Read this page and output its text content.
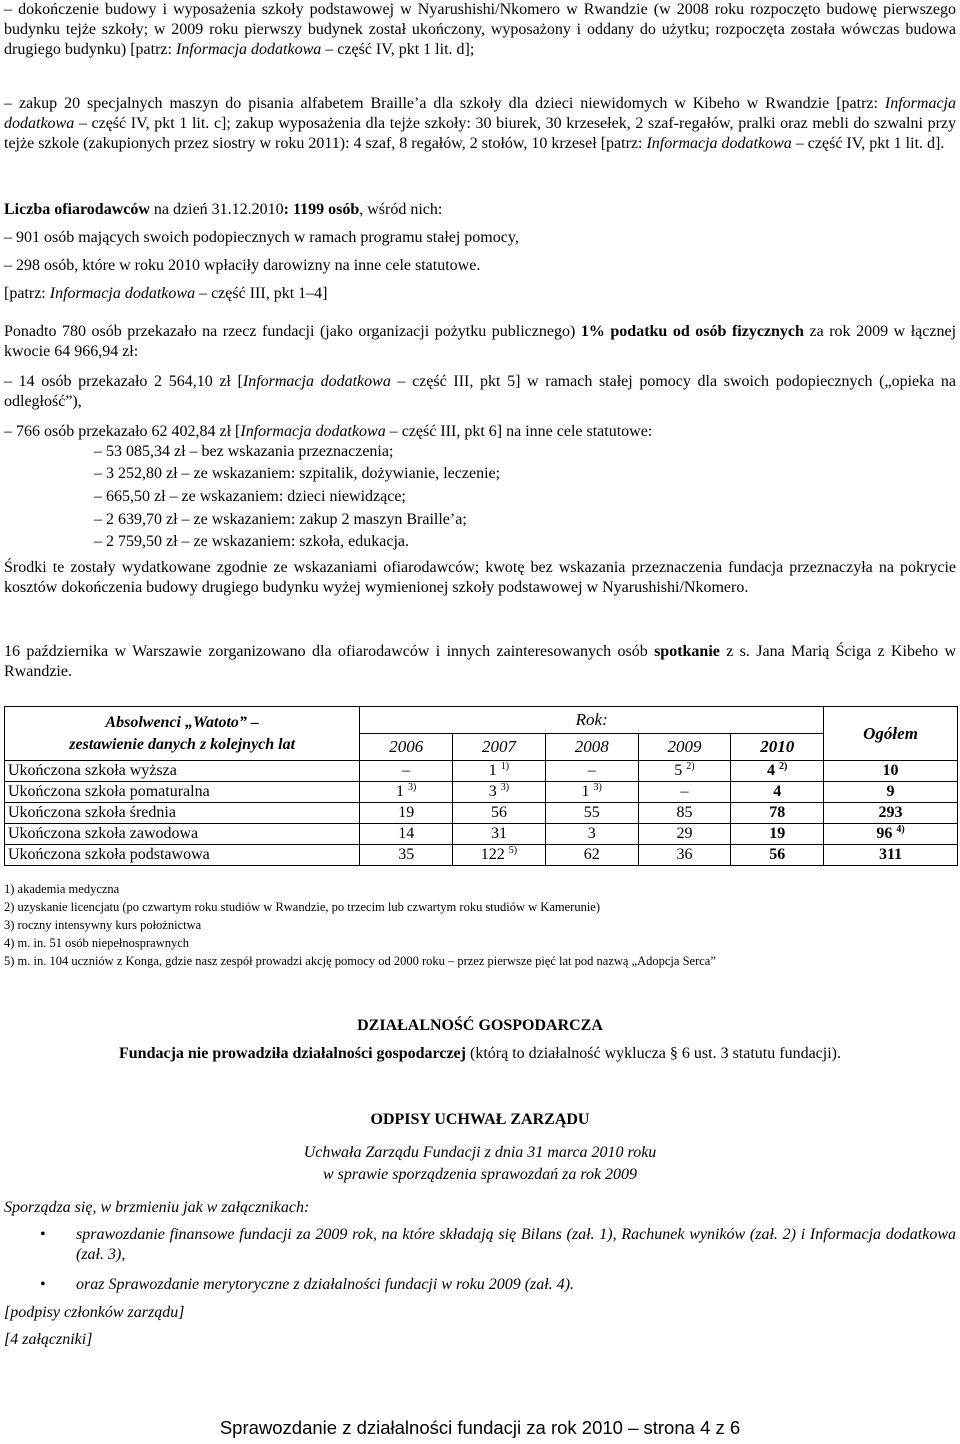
– dokończenie budowy i wyposażenia szkoły podstawowej w Nyarushishi/Nkomero w Rwandzie (w 2008 roku rozpoczęto budowę pierwszego budynku tejże szkoły; w 2009 roku pierwszy budynek został ukończony, wyposażony i oddany do użytku; rozpoczęta została wówczas budowa drugiego budynku) [patrz: Informacja dodatkowa – część IV, pkt 1 lit. d];

– zakup 20 specjalnych maszyn do pisania alfabetem Braille’a dla szkoły dla dzieci niewidomych w Kibeho w Rwandzie [patrz: Informacja dodatkowa – część IV, pkt 1 lit. c]; zakup wyposażenia dla tejże szkoły: 30 biurek, 30 krzesełek, 2 szaf-regałów, pralki oraz mebli do szwalni przy tejże szkole (zakupionych przez siostry w roku 2011): 4 szaf, 8 regałów, 2 stołów, 10 krzeseł [patrz: Informacja dodatkowa – część IV, pkt 1 lit. d].

Liczba ofiarodawców na dzień 31.12.2010: 1199 osób, wśród nich:

– 901 osób mających swoich podopiecznych w ramach programu stałej pomocy,
– 298 osób, które w roku 2010 wpłaciły darowizny na inne cele statutowe.
[patrz: Informacja dodatkowa – część III, pkt 1–4]

Ponadto 780 osób przekazało na rzecz fundacji (jako organizacji pożytku publicznego) 1% podatku od osób fizycznych za rok 2009 w łącznej kwocie 64 966,94 zł:

– 14 osób przekazało 2 564,10 zł [Informacja dodatkowa – część III, pkt 5] w ramach stałej pomocy dla swoich podopiecznych („opieka na odległość”),

– 766 osób przekazało 62 402,84 zł [Informacja dodatkowa – część III, pkt 6] na inne cele statutowe:

– 53 085,34 zł – bez wskazania przeznaczenia;
– 3 252,80 zł – ze wskazaniem: szpitalik, dożywianie, leczenie;
– 665,50 zł – ze wskazaniem: dzieci niewidzące;
– 2 639,70 zł – ze wskazaniem: zakup 2 maszyn Braille’a;
– 2 759,50 zł – ze wskazaniem: szkoła, edukacja.

Środki te zostały wydatkowane zgodnie ze wskazaniami ofiarodawców; kwotę bez wskazania przeznaczenia fundacja przeznaczyła na pokrycie kosztów dokończenia budowy drugiego budynku wyżej wymienionej szkoły podstawowej w Nyarushishi/Nkomero.

16 października w Warszawie zorganizowano dla ofiarodawców i innych zainteresowanych osób spotkanie z s. Jana Marią Ściga z Kibeho w Rwandzie.

Absolwenci „Watoto” –
zestawienie danych z kolejnych lat	Rok:					Ogółem
	2006	2007	2008	2009	2010	
Ukończona szkoła wyższa	–	1 $^{1)}$	–	5 $^{2)}$	4 $^{2)}$	10
Ukończona szkoła pomaturalna	1 $^{3)}$	3 $^{3)}$	1 $^{3)}$	–	4	9
Ukończona szkoła średnia	19	56	55	85	78	293
Ukończona szkoła zawodowa	14	31	3	29	19	96 $^{4)}$
Ukończona szkoła podstawowa	35	122 $^{5)}$	62	36	56	311
1) akademia medyczna
2) uzyskanie licencjatu (po czwartym roku studiów w Rwandzie, po trzecim lub czwartym roku studiów w Kamerunie)
3) roczny intensywny kurs położnictwa
4) m. in. 51 osób niepełnosprawnych
5) m. in. 104 uczniów z Konga, gdzie nasz zespół prowadzi akcję pomocy od 2000 roku – przez pierwsze pięć lat pod nazwą „Adopcja Serca”
DZIAŁALNOŚĆ GOSPODARCZA
Fundacja nie prowadziła działalności gospodarczej (którą to działalność wyklucza § 6 ust. 3 statutu fundacji).
ODPISY UCHWAŁ ZARZĄDU
Uchwała Zarządu Fundacji z dnia 31 marca 2010 roku
w sprawie sporządzenia sprawozdań za rok 2009
Sporządza się, w brzmieniu jak w załącznikach:
• sprawozdanie finansowe fundacji za 2009 rok, na które składają się Bilans (zał. 1), Rachunek wyników (zał. 2) i Informacja dodatkowa (zał. 3),
• oraz Sprawozdanie merytoryczne z działalności fundacji w roku 2009 (zał. 4).
[podpisy członków zarządu]
[4 załączniki]
Sprawozdanie z działalności fundacji za rok 2010 – strona 4 z 6
